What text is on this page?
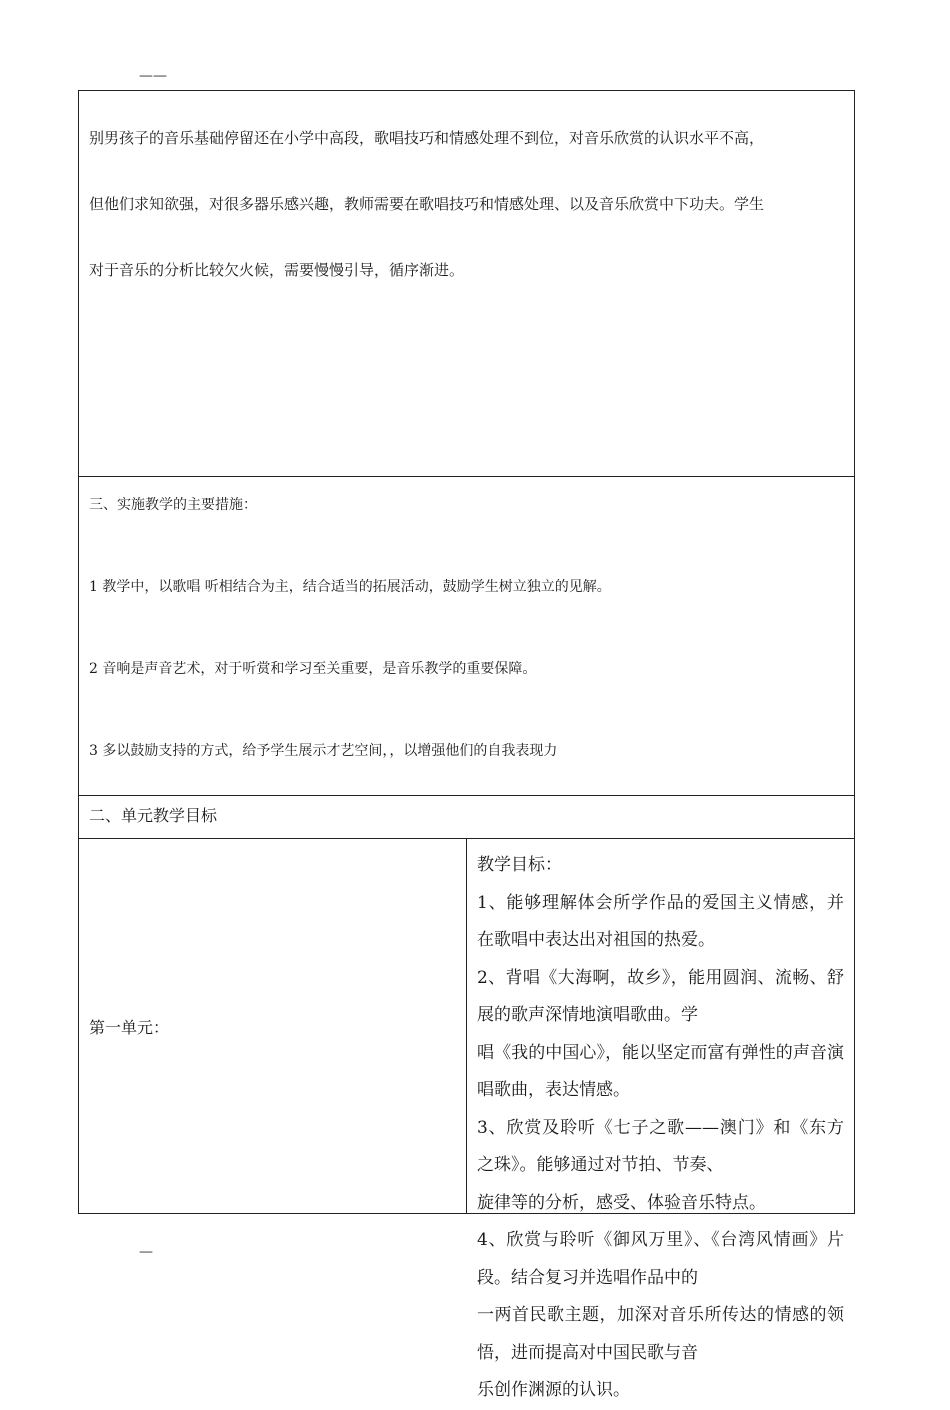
——

别男孩子的音乐基础停留还在小学中高段，歌唱技巧和情感处理不到位，对音乐欣赏的认识水平不高，

但他们求知欲强，对很多器乐感兴趣，教师需要在歌唱技巧和情感处理、以及音乐欣赏中下功夫。学生

对于音乐的分析比较欠火候，需要慢慢引导，循序渐进。

三、实施教学的主要措施：

1 教学中，以歌唱 听相结合为主，结合适当的拓展活动，鼓励学生树立独立的见解。

2 音响是声音艺术，对于听赏和学习至关重要，是音乐教学的重要保障。

3 多以鼓励支持的方式，给予学生展示才艺空间，，以增强他们的自我表现力

二、单元教学目标

第一单元：	

教学目标：

1、能够理解体会所学作品的爱国主义情感，并在歌唱中表达出对祖国的热爱。

2、背唱《大海啊，故乡》，能用圆润、流畅、舒展的歌声深情地演唱歌曲。学

唱《我的中国心》，能以坚定而富有弹性的声音演唱歌曲，表达情感。

3、欣赏及聆听《七子之歌——澳门》和《东方之珠》。能够通过对节拍、节奏、

旋律等的分析，感受、体验音乐特点。

4、欣赏与聆听《御风万里》、《台湾风情画》片段。结合复习并选唱作品中的

一两首民歌主题，加深对音乐所传达的情感的领悟，进而提高对中国民歌与音

乐创作渊源的认识。

—
